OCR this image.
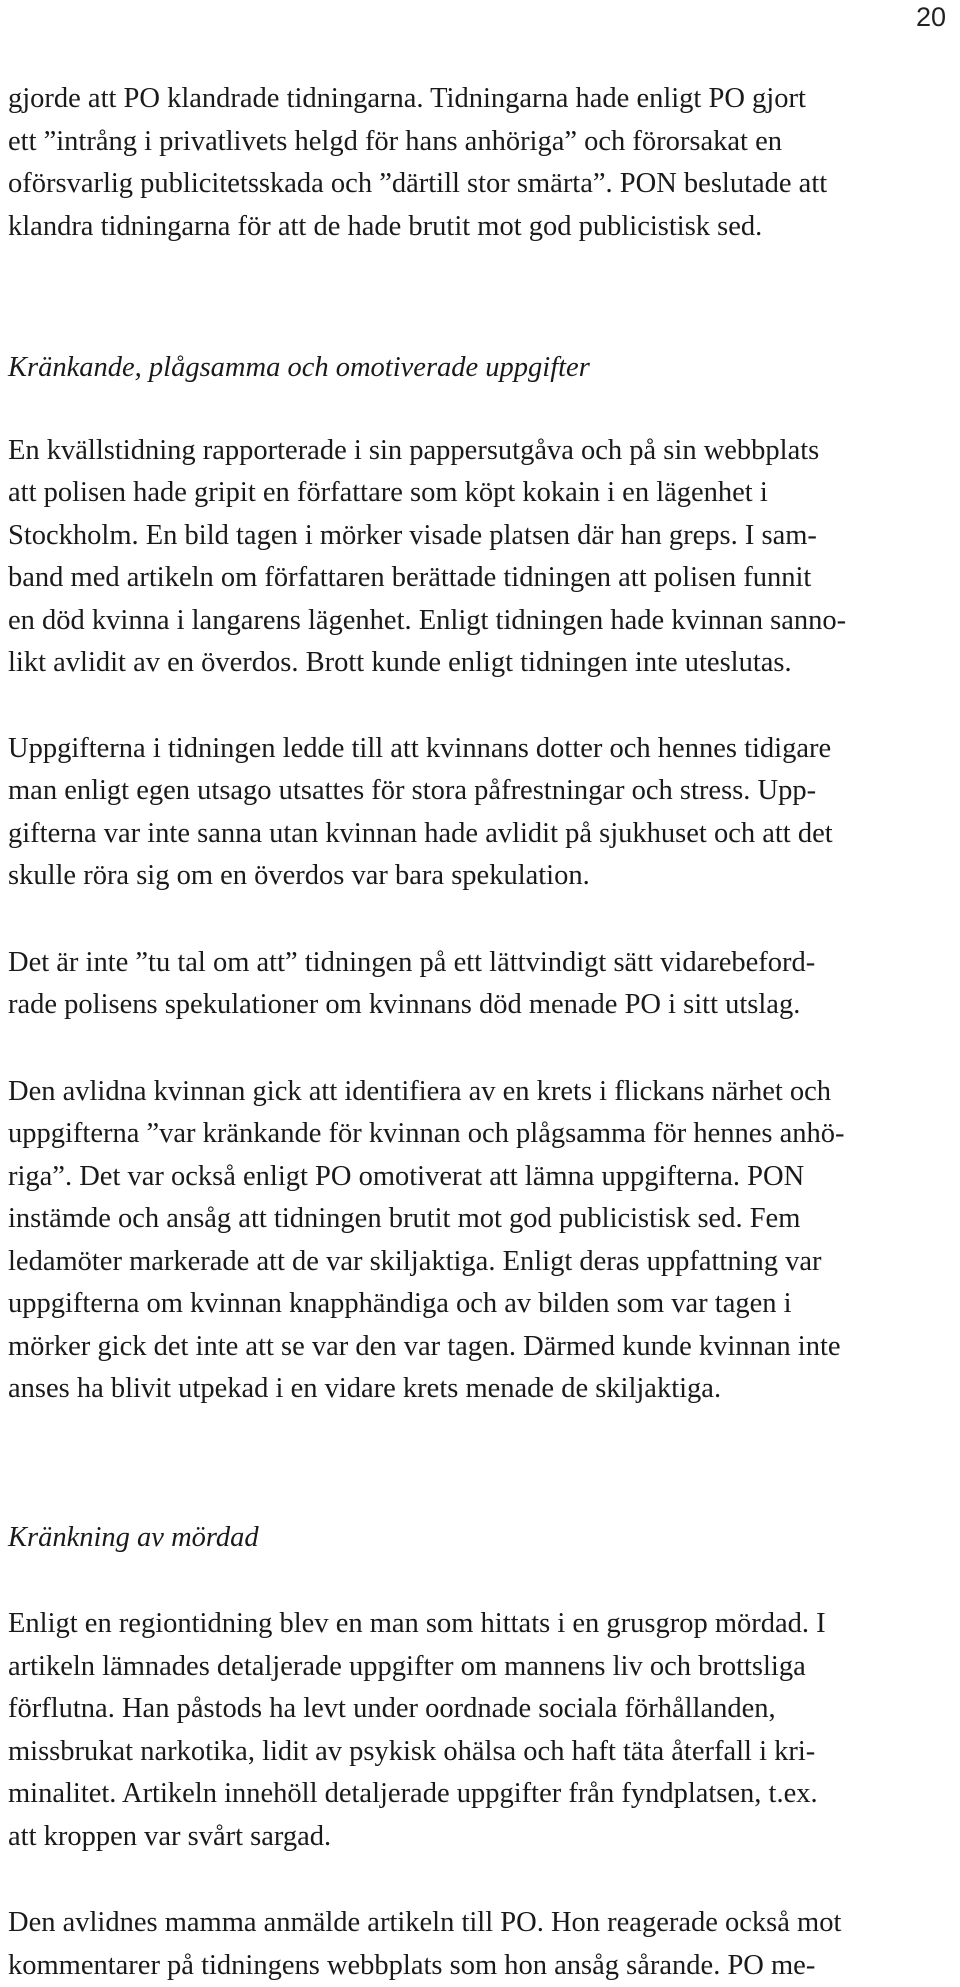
20

gjorde att PO klandrade tidningarna. Tidningarna hade enligt PO gjort
ett ”intrång i privatlivets helgd för hans anhöriga” och förorsakat en
oförsvarlig publicitetsskada och ”därtill stor smärta”. PON beslutade att
klandra tidningarna för att de hade brutit mot god publicistisk sed.

Kränkande, plågsamma och omotiverade uppgifter

En kvällstidning rapporterade i sin pappersutgåva och på sin webbplats
att polisen hade gripit en författare som köpt kokain i en lägenhet i
Stockholm. En bild tagen i mörker visade platsen där han greps. I sam-
band med artikeln om författaren berättade tidningen att polisen funnit
en död kvinna i langarens lägenhet. Enligt tidningen hade kvinnan sanno-
likt avlidit av en överdos. Brott kunde enligt tidningen inte uteslutas.

Uppgifterna i tidningen ledde till att kvinnans dotter och hennes tidigare
man enligt egen utsago utsattes för stora påfrestningar och stress. Upp-
gifterna var inte sanna utan kvinnan hade avlidit på sjukhuset och att det
skulle röra sig om en överdos var bara spekulation.

Det är inte ”tu tal om att” tidningen på ett lättvindigt sätt vidarebeford-
rade polisens spekulationer om kvinnans död menade PO i sitt utslag.

Den avlidna kvinnan gick att identifiera av en krets i flickans närhet och
uppgifterna ”var kränkande för kvinnan och plågsamma för hennes anhö-
riga”. Det var också enligt PO omotiverat att lämna uppgifterna. PON
instämde och ansåg att tidningen brutit mot god publicistisk sed. Fem
ledamöter markerade att de var skiljaktiga. Enligt deras uppfattning var
uppgifterna om kvinnan knapphändiga och av bilden som var tagen i
mörker gick det inte att se var den var tagen. Därmed kunde kvinnan inte
anses ha blivit utpekad i en vidare krets menade de skiljaktiga.

Kränkning av mördad

Enligt en regiontidning blev en man som hittats i en grusgrop mördad. I
artikeln lämnades detaljerade uppgifter om mannens liv och brottsliga
förflutna. Han påstods ha levt under oordnade sociala förhållanden,
missbrukat narkotika, lidit av psykisk ohälsa och haft täta återfall i kri-
minalitet. Artikeln innehöll detaljerade uppgifter från fyndplatsen, t.ex.
att kroppen var svårt sargad.

Den avlidnes mamma anmälde artikeln till PO. Hon reagerade också mot
kommentarer på tidningens webbplats som hon ansåg sårande. PO me-
